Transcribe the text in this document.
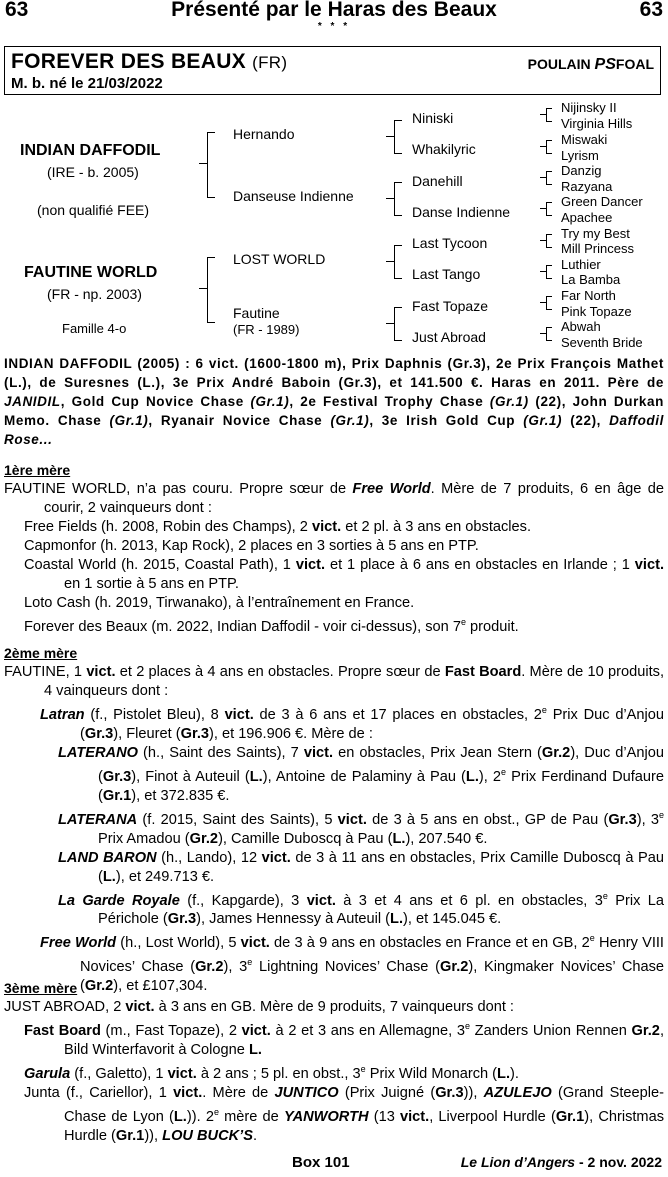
Présenté par le Haras des Beaux
63	63
* * *
FOREVER DES BEAUX (FR)	POULAIN PSFOAL
M. b. né le 21/03/2022
INDIAN DAFFODIL
(IRE - b. 2005)
(non qualifié FEE)
FAUTINE WORLD
(FR - np. 2003)
Famille 4-o
Hernando
Danseuse Indienne
LOST WORLD
Fautine
(FR - 1989)
Niniski
Whakilyric
Danehill
Danse Indienne
Last Tycoon
Last Tango
Fast Topaze
Just Abroad
Nijinsky II
Virginia Hills
Miswaki
Lyrism
Danzig
Razyana
Green Dancer
Apachee
Try my Best
Mill Princess
Luthier
La Bamba
Far North
Pink Topaze
Abwah
Seventh Bride
INDIAN DAFFODIL (2005) : 6 vict. (1600-1800 m), Prix Daphnis (Gr.3), 2e Prix François Mathet (L.), de Suresnes (L.), 3e Prix André Baboin (Gr.3), et 141.500 €. Haras en 2011. Père de JANIDIL, Gold Cup Novice Chase (Gr.1), 2e Festival Trophy Chase (Gr.1) (22), John Durkan Memo. Chase (Gr.1), Ryanair Novice Chase (Gr.1), 3e Irish Gold Cup (Gr.1) (22), Daffodil Rose...
1ère mère
FAUTINE WORLD, n’a pas couru. Propre sœur de Free World. Mère de 7 produits, 6 en âge de courir, 2 vainqueurs dont :
Free Fields (h. 2008, Robin des Champs), 2 vict. et 2 pl. à 3 ans en obstacles.
Capmonfor (h. 2013, Kap Rock), 2 places en 3 sorties à 5 ans en PTP.
Coastal World (h. 2015, Coastal Path), 1 vict. et 1 place à 6 ans en obstacles en Irlande ; 1 vict. en 1 sortie à 5 ans en PTP.
Loto Cash (h. 2019, Tirwanako), à l’entraînement en France.
Forever des Beaux (m. 2022, Indian Daffodil - voir ci-dessus), son 7e produit.
2ème mère
FAUTINE, 1 vict. et 2 places à 4 ans en obstacles. Propre sœur de Fast Board. Mère de 10 produits, 4 vainqueurs dont :
Latran (f., Pistolet Bleu), 8 vict. de 3 à 6 ans et 17 places en obstacles, 2e Prix Duc d’Anjou (Gr.3), Fleuret (Gr.3), et 196.906 €. Mère de :
LATERANO (h., Saint des Saints), 7 vict. en obstacles, Prix Jean Stern (Gr.2), Duc d’Anjou (Gr.3), Finot à Auteuil (L.), Antoine de Palaminy à Pau (L.), 2e Prix Ferdinand Dufaure (Gr.1), et 372.835 €.
LATERANA (f. 2015, Saint des Saints), 5 vict. de 3 à 5 ans en obst., GP de Pau (Gr.3), 3e Prix Amadou (Gr.2), Camille Duboscq à Pau (L.), 207.540 €.
LAND BARON (h., Lando), 12 vict. de 3 à 11 ans en obstacles, Prix Camille Duboscq à Pau (L.), et 249.713 €.
La Garde Royale (f., Kapgarde), 3 vict. à 3 et 4 ans et 6 pl. en obstacles, 3e Prix La Périchole (Gr.3), James Hennessy à Auteuil (L.), et 145.045 €.
Free World (h., Lost World), 5 vict. de 3 à 9 ans en obstacles en France et en GB, 2e Henry VIII Novices’ Chase (Gr.2), 3e Lightning Novices’ Chase (Gr.2), Kingmaker Novices’ Chase (Gr.2), et £107,304.
3ème mère
JUST ABROAD, 2 vict. à 3 ans en GB. Mère de 9 produits, 7 vainqueurs dont :
Fast Board (m., Fast Topaze), 2 vict. à 2 et 3 ans en Allemagne, 3e Zanders Union Rennen Gr.2, Bild Winterfavorit à Cologne L.
Garula (f., Galetto), 1 vict. à 2 ans ; 5 pl. en obst., 3e Prix Wild Monarch (L.).
Junta (f., Cariellor), 1 vict.. Mère de JUNTICO (Prix Juigné (Gr.3)), AZULEJO (Grand Steeple-Chase de Lyon (L.)). 2e mère de YANWORTH (13 vict., Liverpool Hurdle (Gr.1), Christmas Hurdle (Gr.1)), LOU BUCK’S.
Box 101	Le Lion d’Angers - 2 nov. 2022
